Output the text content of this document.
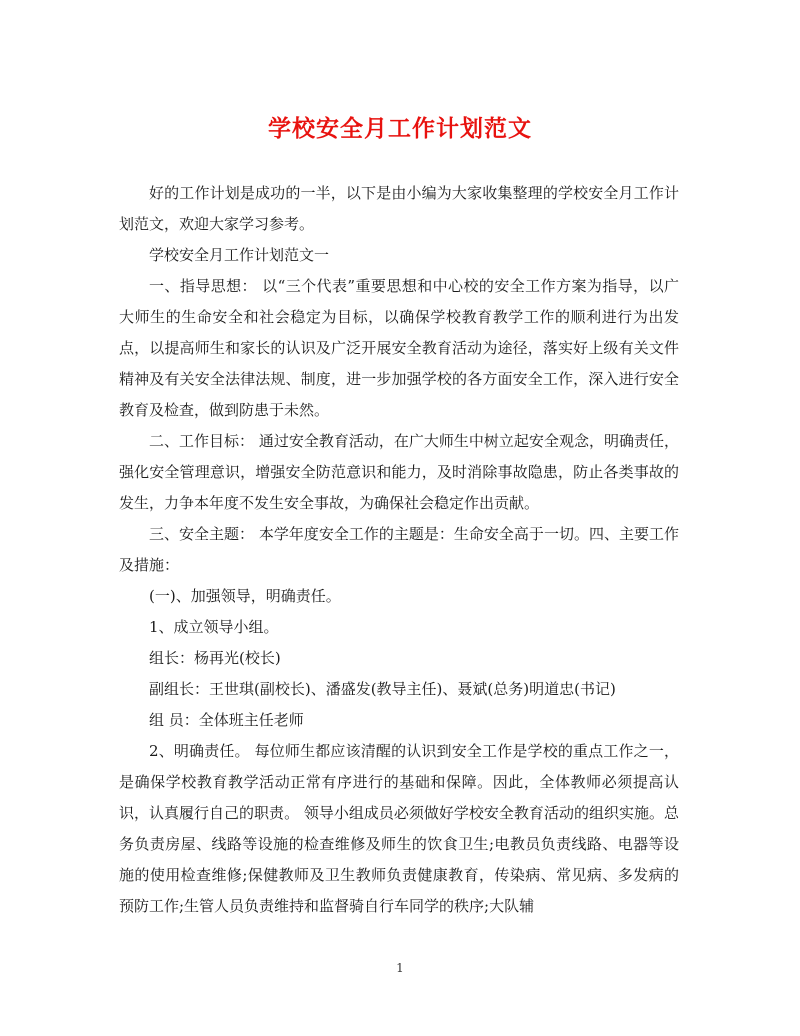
学校安全月工作计划范文

好的工作计划是成功的一半，以下是由小编为大家收集整理的学校安全月工作计划范文，欢迎大家学习参考。

学校安全月工作计划范文一

一、指导思想： 以“三个代表”重要思想和中心校的安全工作方案为指导，以广大师生的生命安全和社会稳定为目标，以确保学校教育教学工作的顺利进行为出发点，以提高师生和家长的认识及广泛开展安全教育活动为途径，落实好上级有关文件精神及有关安全法律法规、制度，进一步加强学校的各方面安全工作，深入进行安全教育及检查，做到防患于未然。

二、工作目标： 通过安全教育活动，在广大师生中树立起安全观念，明确责任，强化安全管理意识，增强安全防范意识和能力，及时消除事故隐患，防止各类事故的发生，力争本年度不发生安全事故，为确保社会稳定作出贡献。

三、安全主题： 本学年度安全工作的主题是：生命安全高于一切。四、主要工作及措施：

(一)、加强领导，明确责任。

1、成立领导小组。

组长：杨再光(校长)

副组长：王世琪(副校长)、潘盛发(教导主任)、聂斌(总务)明道忠(书记)

组 员：全体班主任老师

2、明确责任。 每位师生都应该清醒的认识到安全工作是学校的重点工作之一，是确保学校教育教学活动正常有序进行的基础和保障。因此，全体教师必须提高认识，认真履行自己的职责。 领导小组成员必须做好学校安全教育活动的组织实施。总务负责房屋、线路等设施的检查维修及师生的饮食卫生;电教员负责线路、电器等设施的使用检查维修;保健教师及卫生教师负责健康教育，传染病、常见病、多发病的预防工作;生管人员负责维持和监督骑自行车同学的秩序;大队辅

1
